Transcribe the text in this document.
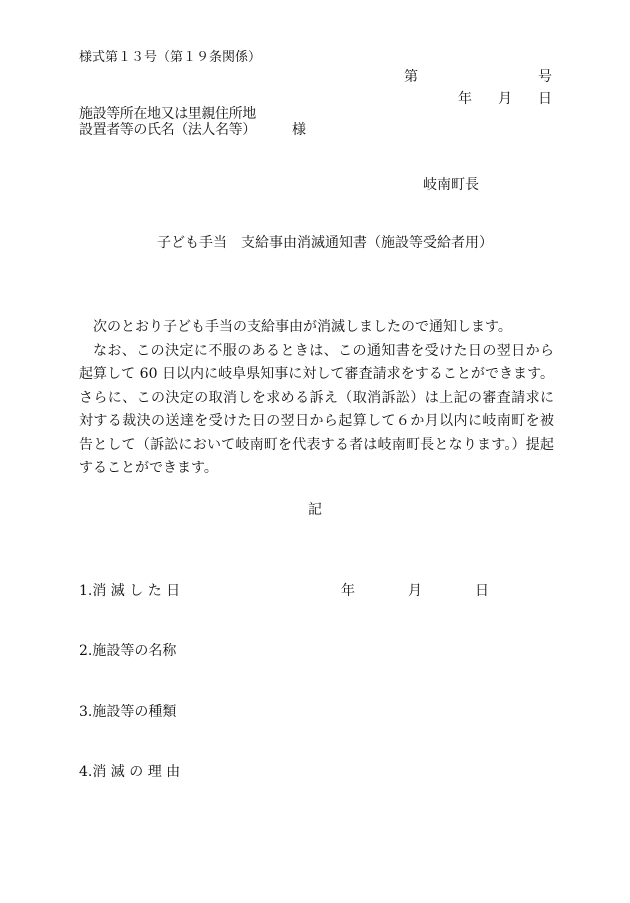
様式第１３号（第１９条関係）
第	号
年 月 日
施設等所在地又は里親住所地
設置者等の氏名（法人名等）	様
岐南町長
子ども手当　支給事由消滅通知書（施設等受給者用）

次のとおり子ども手当の支給事由が消滅しましたので通知します。

なお、この決定に不服のあるときは、この通知書を受けた日の翌日から起算して 60 日以内に岐阜県知事に対して審査請求をすることができます。さらに、この決定の取消しを求める訴え（取消訴訟）は上記の審査請求に対する裁決の送達を受けた日の翌日から起算して６か月以内に岐南町を被告として（訴訟において岐南町を代表する者は岐南町長となります。）提起することができます。

記
1.消 滅 し た 日	年	月	日
2.施設等の名称
3.施設等の種類
4.消 滅 の 理 由
